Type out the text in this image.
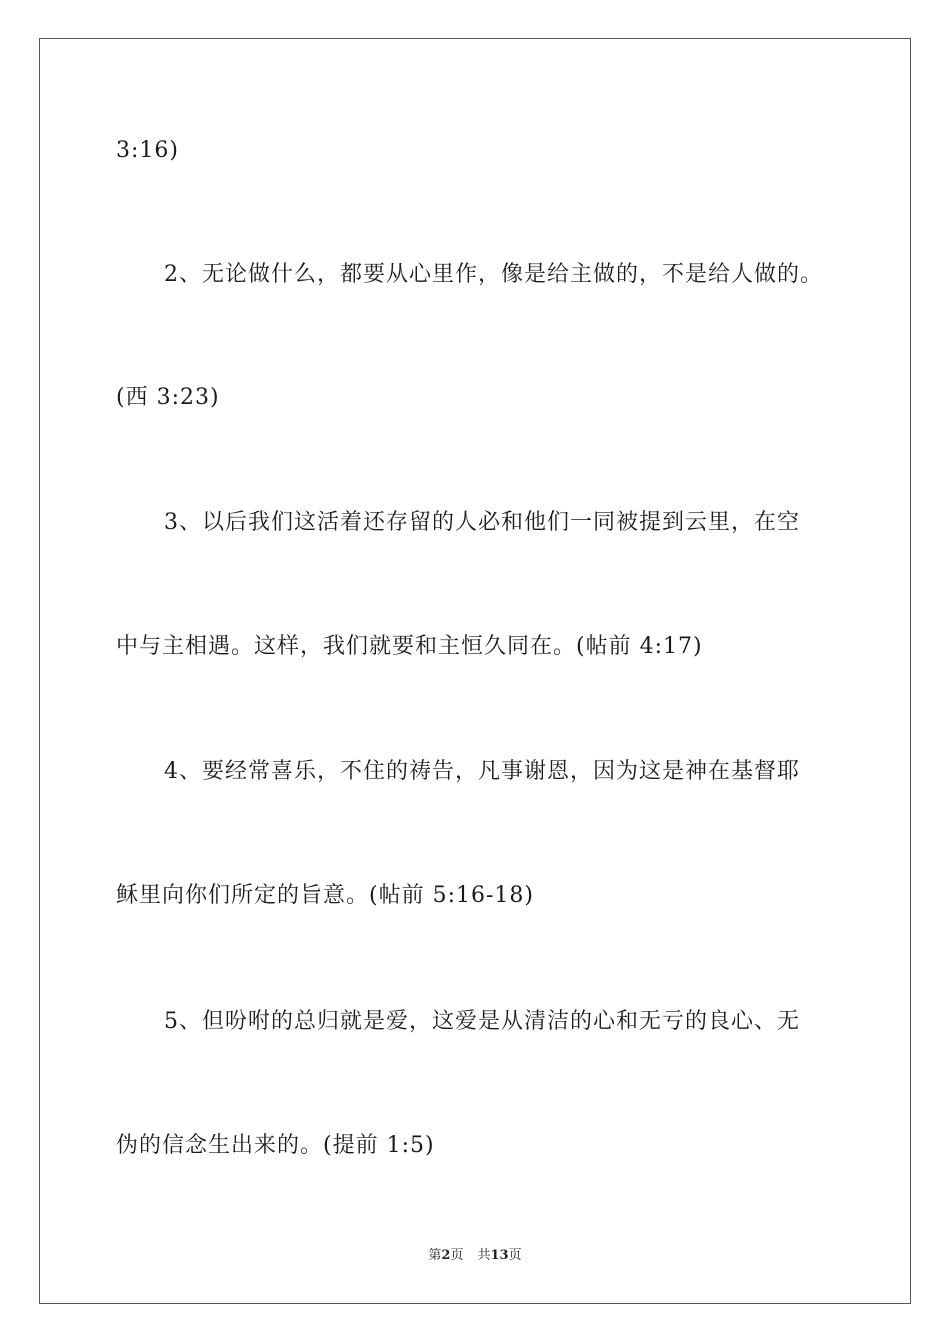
3:16)
2、无论做什么，都要从心里作，像是给主做的，不是给人做的。
(西 3:23)
3、以后我们这活着还存留的人必和他们一同被提到云里，在空
中与主相遇。这样，我们就要和主恒久同在。(帖前 4:17)
4、要经常喜乐，不住的祷告，凡事谢恩，因为这是神在基督耶
稣里向你们所定的旨意。(帖前 5:16-18)
5、但吩咐的总归就是爱，这爱是从清洁的心和无亏的良心、无
伪的信念生出来的。(提前 1:5)
第2页 共13页
